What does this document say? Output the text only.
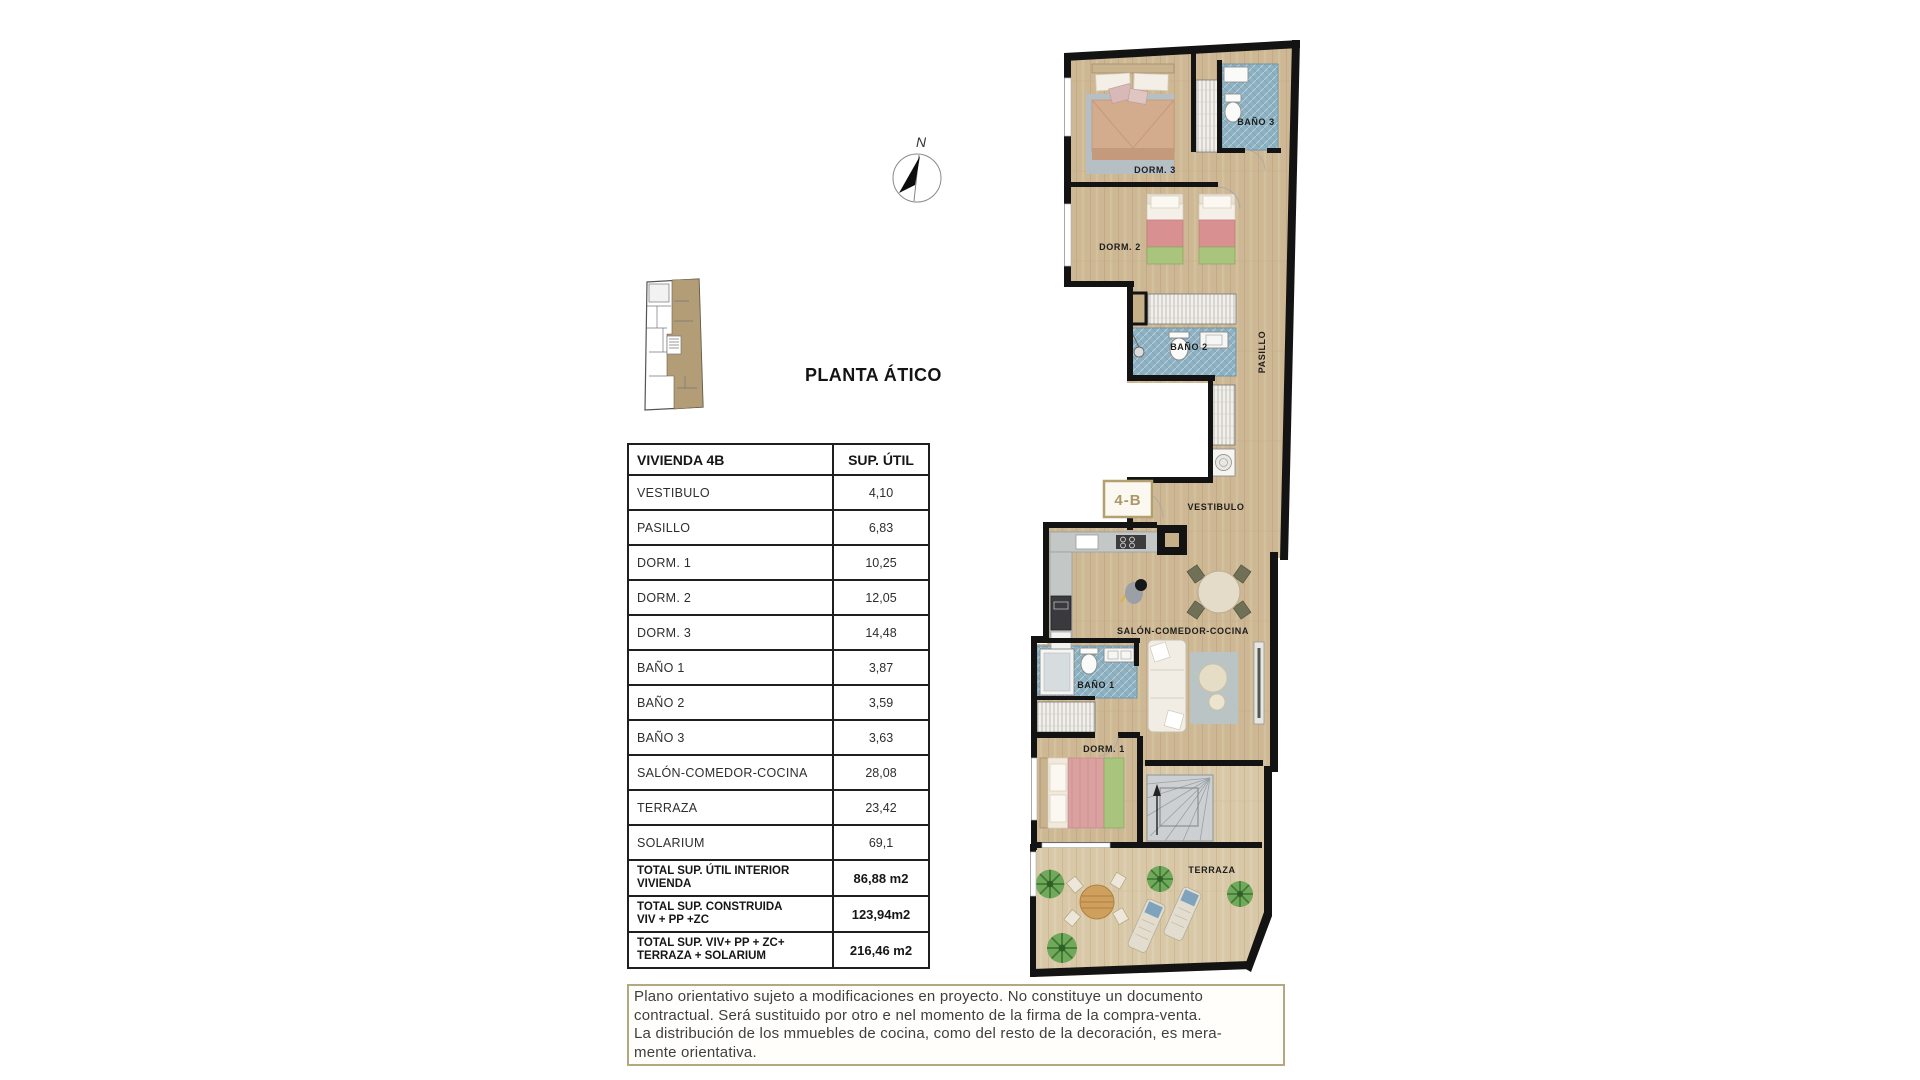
N
PLANTA ÁTICO
VIVIENDA 4B	SUP. ÚTIL
VESTIBULO	4,10
PASILLO	6,83
DORM. 1	10,25
DORM. 2	12,05
DORM. 3	14,48
BAÑO 1	3,87
BAÑO 2	3,59
BAÑO 3	3,63
SALÓN-COMEDOR-COCINA	28,08
TERRAZA	23,42
SOLARIUM	69,1
TOTAL SUP. ÚTIL INTERIOR
VIVIENDA	86,88 m2
TOTAL SUP. CONSTRUIDA
VIV + PP +ZC	123,94m2
TOTAL SUP. VIV+ PP + ZC+
TERRAZA + SOLARIUM	216,46 m2
4-B
DORM. 3
BAÑO 3
DORM. 2
BAÑO 2	PASILLO
VESTIBULO
SALÓN-COMEDOR-COCINA
BAÑO 1
DORM. 1
TERRAZA
Plano orientativo sujeto a modificaciones en proyecto. No constituye un documento
contractual. Será sustituido por otro e nel momento de la firma de la compra-venta.
La distribución de los mmuebles de cocina, como del resto de la decoración, es mera-
mente orientativa.
